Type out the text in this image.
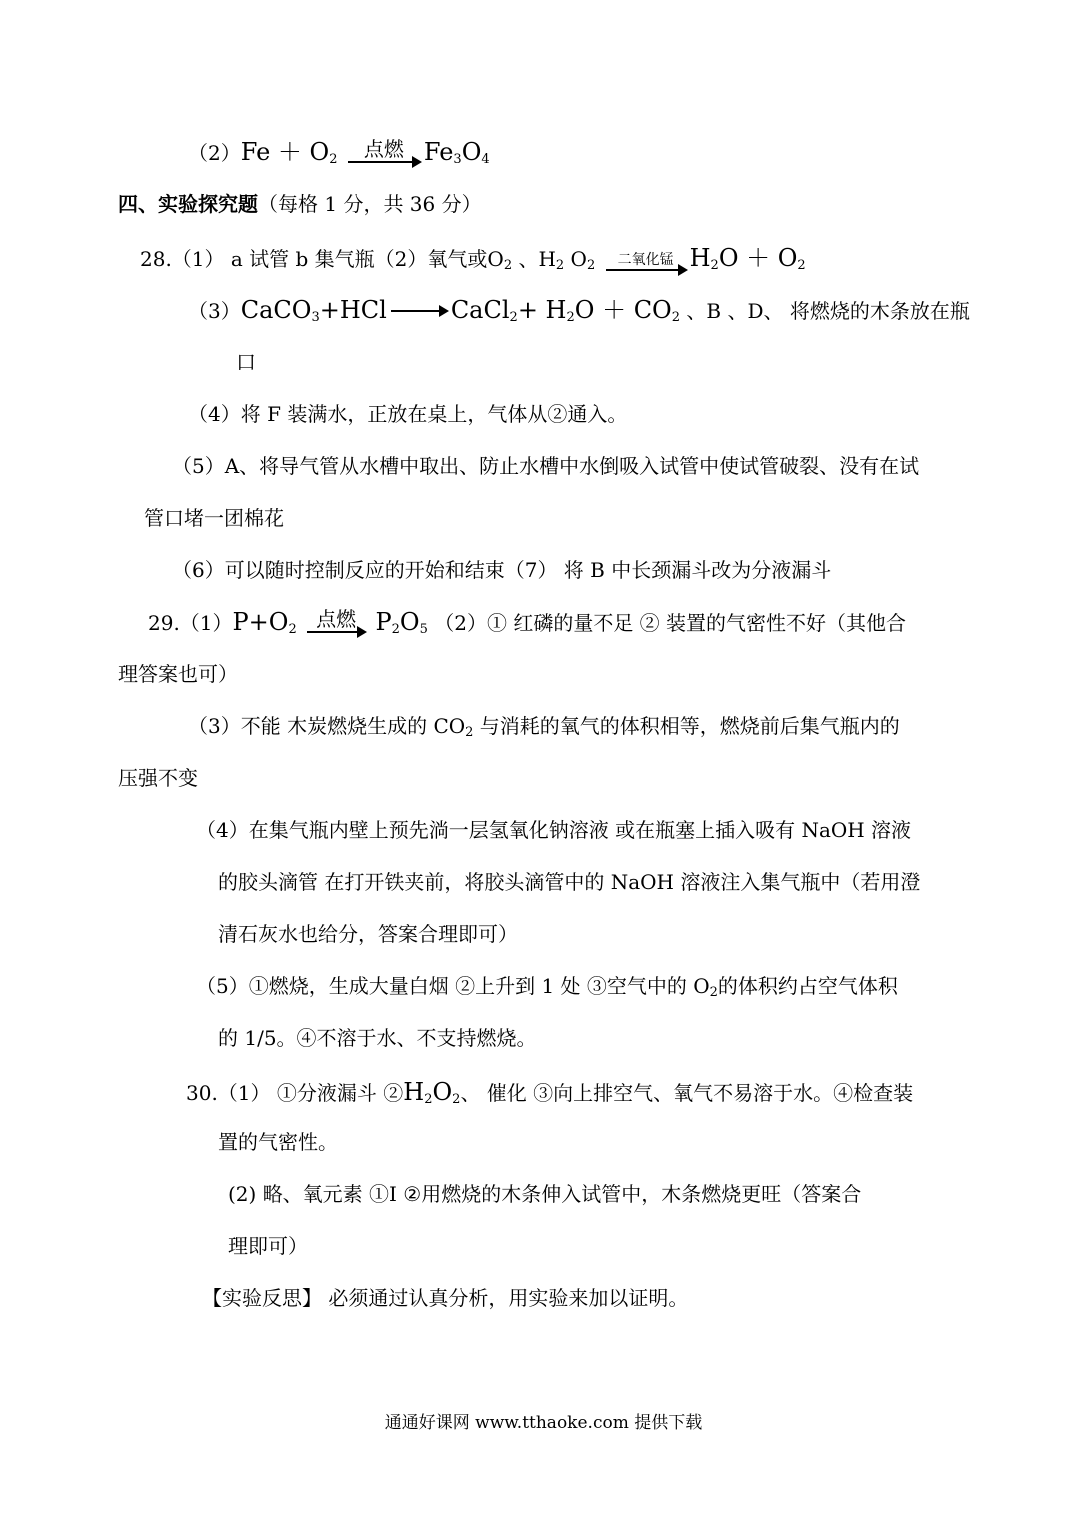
$(2)Fe + O_2$	点燃 $Fe_3O_4$
四、实验探究题（每格 1 分，共 36 分）
28.（1） a 试管 b 集气瓶（2）氧气或$O_2$ 、$H_2$ $O_2$	二氧化锰 $H_2O + O_2$
（3）CaCO$_3$+HCl → CaCl$_2$+ $H_2O + CO_2$ 、B 、D、 将燃烧的木条放在瓶
口
（4）将 F 装满水，正放在桌上，气体从②通入。
（5）A、将导气管从水槽中取出、防止水槽中水倒吸入试管中使试管破裂、没有在试
管口堵一团棉花
（6）可以随时控制反应的开始和结束（7） 将 B 中长颈漏斗改为分液漏斗
$29.(1)P+O_2$ 点燃 $P_2O_5$ （2）① 红磷的量不足 ② 装置的气密性不好（其他合
理答案也可）
（3）不能 木炭燃烧生成的 $CO_2$ 与消耗的氧气的体积相等，燃烧前后集气瓶内的
压强不变
（4）在集气瓶内壁上预先淌一层氢氧化钠溶液 或在瓶塞上插入吸有 NaOH 溶液
的胶头滴管 在打开铁夹前，将胶头滴管中的 NaOH 溶液注入集气瓶中（若用澄
清石灰水也给分，答案合理即可）
（5）①燃烧，生成大量白烟 ②上升到 1 处 ③空气中的 $O_2$的体积约占空气体积
的 1/5。④不溶于水、不支持燃烧。
30.（1） ①分液漏斗 $②H_2O_2$、 催化 ③向上排空气、氧气不易溶于水。④检查装
置的气密性。
(2) 略、氧元素 ①I ②用燃烧的木条伸入试管中，木条燃烧更旺（答案合
理即可）
【实验反思】 必须通过认真分析，用实验来加以证明。
通通好课网 www.tthaoke.com 提供下载
